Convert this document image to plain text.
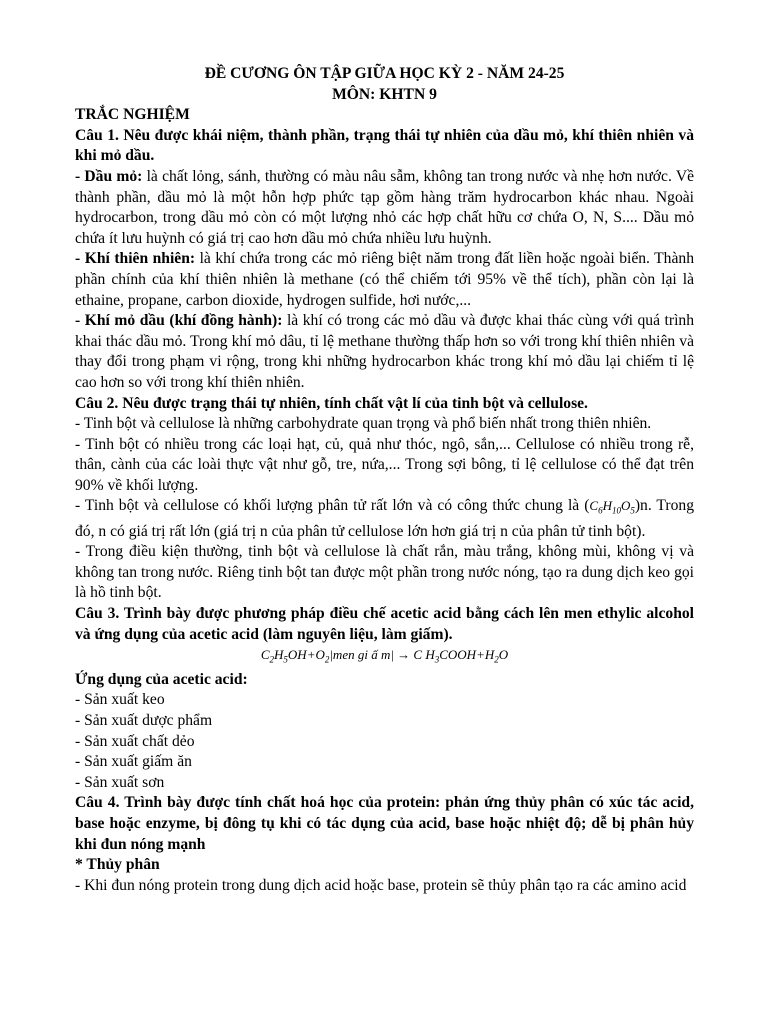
ĐỀ CƯƠNG ÔN TẬP GIỮA HỌC KỲ 2 - NĂM 24-25

MÔN: KHTN 9

TRẮC NGHIỆM

Câu 1. Nêu được khái niệm, thành phần, trạng thái tự nhiên của dầu mỏ, khí thiên nhiên và khi mỏ dầu.

- Dầu mỏ: là chất lỏng, sánh, thường có màu nâu sẫm, không tan trong nước và nhẹ hơn nước. Về thành phần, dầu mỏ là một hỗn hợp phức tạp gồm hàng trăm hydrocarbon khác nhau. Ngoài hydrocarbon, trong dầu mỏ còn có một lượng nhỏ các hợp chất hữu cơ chứa O, N, S.... Dầu mỏ chứa ít lưu huỳnh có giá trị cao hơn dầu mỏ chứa nhiều lưu huỳnh.

- Khí thiên nhiên: là khí chứa trong các mỏ riêng biệt năm trong đất liền hoặc ngoài biển. Thành phần chính của khí thiên nhiên là methane (có thể chiếm tới 95% về thể tích), phần còn lại là ethaine, propane, carbon dioxide, hydrogen sulfide, hơi nước,...

- Khí mỏ dầu (khí đồng hành): là khí có trong các mỏ dầu và được khai thác cùng với quá trình khai thác dầu mỏ. Trong khí mỏ dâu, tỉ lệ methane thường thấp hơn so với trong khí thiên nhiên và thay đổi trong phạm vi rộng, trong khi những hydrocarbon khác trong khí mỏ dầu lại chiếm tỉ lệ cao hơn so với trong khí thiên nhiên.

Câu 2. Nêu được trạng thái tự nhiên, tính chất vật lí của tinh bột và cellulose.

- Tinh bột và cellulose là những carbohydrate quan trọng và phổ biến nhất trong thiên nhiên.

- Tinh bột có nhiều trong các loại hạt, củ, quả như thóc, ngô, sắn,... Cellulose có nhiều trong rễ, thân, cành của các loài thực vật như gỗ, tre, nứa,... Trong sợi bông, tỉ lệ cellulose có thể đạt trên 90% về khối lượng.

- Tinh bột và cellulose có khối lượng phân tử rất lớn và có công thức chung là $(C_6H_{10}O_5)n$. Trong đó, n có giá trị rất lớn (giá trị n của phân tử cellulose lớn hơn giá trị n của phân tử tinh bột).

- Trong điều kiện thường, tinh bột và cellulose là chất rắn, màu trắng, không mùi, không vị và không tan trong nước. Riêng tinh bột tan được một phần trong nước nóng, tạo ra dung dịch keo gọi là hồ tinh bột.

Câu 3. Trình bày được phương pháp điều chế acetic acid bằng cách lên men ethylic alcohol và ứng dụng của acetic acid (làm nguyên liệu, làm giấm).

$C_2H_5OH+O_2|men$ gi ấ m| → C $H_3COOH+H_2O$

Ứng dụng của acetic acid:

- Sản xuất keo

- Sản xuất dược phẩm

- Sản xuất chất dẻo

- Sản xuất giấm ăn

- Sản xuất sơn

Câu 4. Trình bày được tính chất hoá học của protein: phản ứng thủy phân có xúc tác acid, base hoặc enzyme, bị đông tụ khi có tác dụng của acid, base hoặc nhiệt độ; dễ bị phân hủy khi đun nóng mạnh

* Thủy phân

- Khi đun nóng protein trong dung dịch acid hoặc base, protein sẽ thủy phân tạo ra các amino acid
